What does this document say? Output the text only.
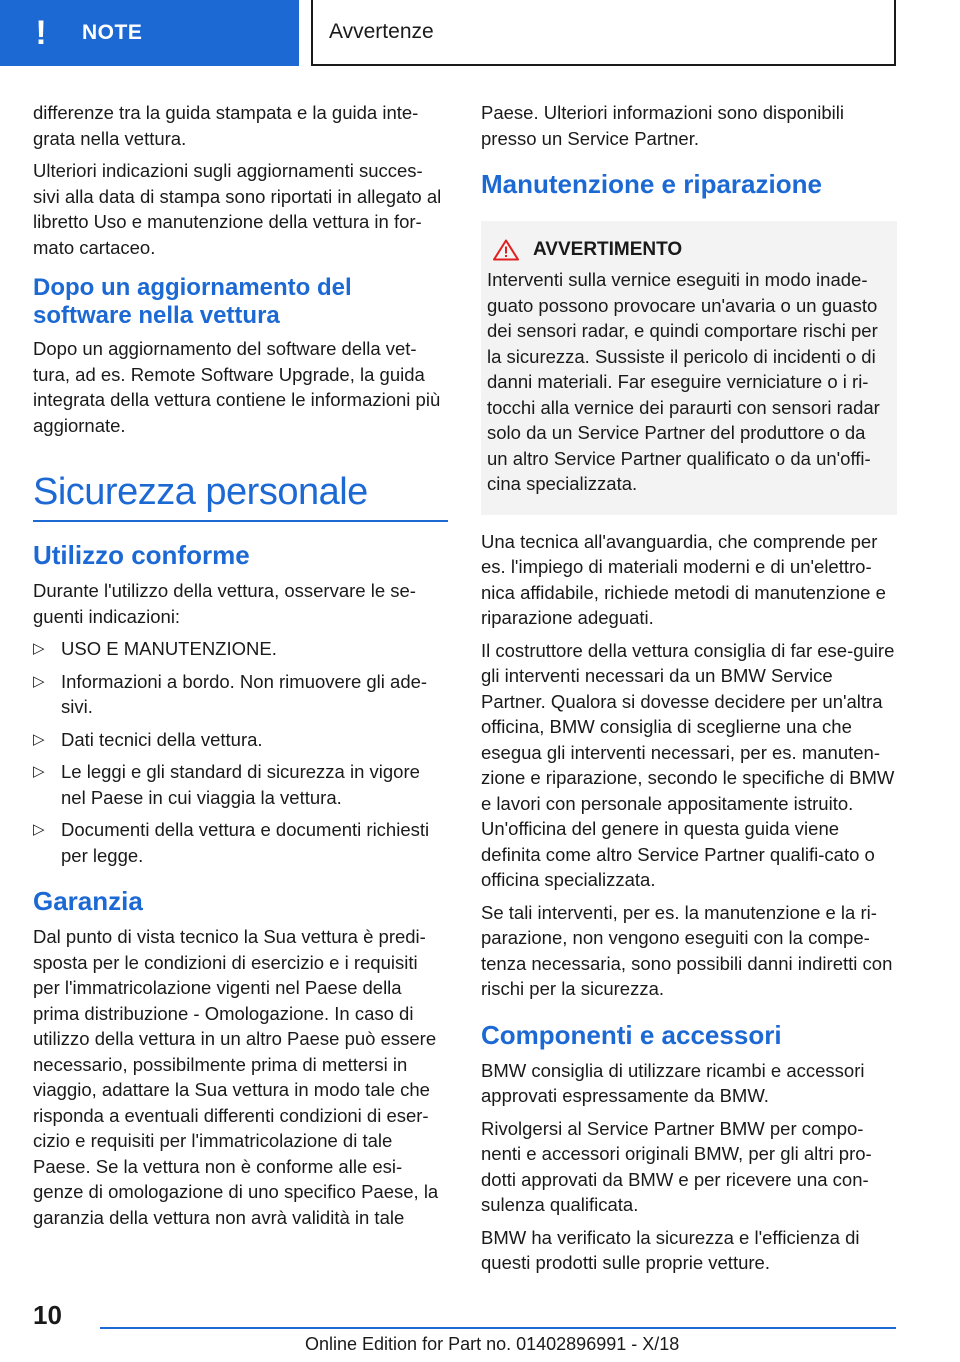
!	NOTE	Avvertenze

differenze tra la guida stampata e la guida inte-grata nella vettura.

Ulteriori indicazioni sugli aggiornamenti succes-sivi alla data di stampa sono riportati in allegato al libretto Uso e manutenzione della vettura in for-mato cartaceo.

Dopo un aggiornamento del software nella vettura

Dopo un aggiornamento del software della vet-tura, ad es. Remote Software Upgrade, la guida integrata della vettura contiene le informazioni più aggiornate.

Sicurezza personale
Utilizzo conforme

Durante l'utilizzo della vettura, osservare le se-guenti indicazioni:

▷ USO E MANUTENZIONE.
▷ Informazioni a bordo. Non rimuovere gli ade-sivi.
▷ Dati tecnici della vettura.
▷ Le leggi e gli standard di sicurezza in vigore nel Paese in cui viaggia la vettura.
▷ Documenti della vettura e documenti richiesti per legge.
Garanzia

Dal punto di vista tecnico la Sua vettura è predi-sposta per le condizioni di esercizio e i requisiti per l'immatricolazione vigenti nel Paese della prima distribuzione - Omologazione. In caso di utilizzo della vettura in un altro Paese può essere necessario, possibilmente prima di mettersi in viaggio, adattare la Sua vettura in modo tale che risponda a eventuali differenti condizioni di eser-cizio e requisiti per l'immatricolazione di tale Paese. Se la vettura non è conforme alle esi-genze di omologazione di uno specifico Paese, la garanzia della vettura non avrà validità in tale

Paese. Ulteriori informazioni sono disponibili presso un Service Partner.

Manutenzione e riparazione
AVVERTIMENTO

Interventi sulla vernice eseguiti in modo inade-guato possono provocare un'avaria o un guasto dei sensori radar, e quindi comportare rischi per la sicurezza. Sussiste il pericolo di incidenti o di danni materiali. Far eseguire verniciature o i ri-tocchi alla vernice dei paraurti con sensori radar solo da un Service Partner del produttore o da un altro Service Partner qualificato o da un'offi-cina specializzata.

Una tecnica all'avanguardia, che comprende per es. l'impiego di materiali moderni e di un'elettro-nica affidabile, richiede metodi di manutenzione e riparazione adeguati.

Il costruttore della vettura consiglia di far ese-guire gli interventi necessari da un BMW Service Partner. Qualora si dovesse decidere per un'altra officina, BMW consiglia di sceglierne una che esegua gli interventi necessari, per es. manuten-zione e riparazione, secondo le specifiche di BMW e lavori con personale appositamente istruito. Un'officina del genere in questa guida viene definita come altro Service Partner qualifi-cato o officina specializzata.

Se tali interventi, per es. la manutenzione e la ri-parazione, non vengono eseguiti con la compe-tenza necessaria, sono possibili danni indiretti con rischi per la sicurezza.

Componenti e accessori

BMW consiglia di utilizzare ricambi e accessori approvati espressamente da BMW.

Rivolgersi al Service Partner BMW per compo-nenti e accessori originali BMW, per gli altri pro-dotti approvati da BMW e per ricevere una con-sulenza qualificata.

BMW ha verificato la sicurezza e l'efficienza di questi prodotti sulle proprie vetture.

10
Online Edition for Part no. 01402896991 - X/18
